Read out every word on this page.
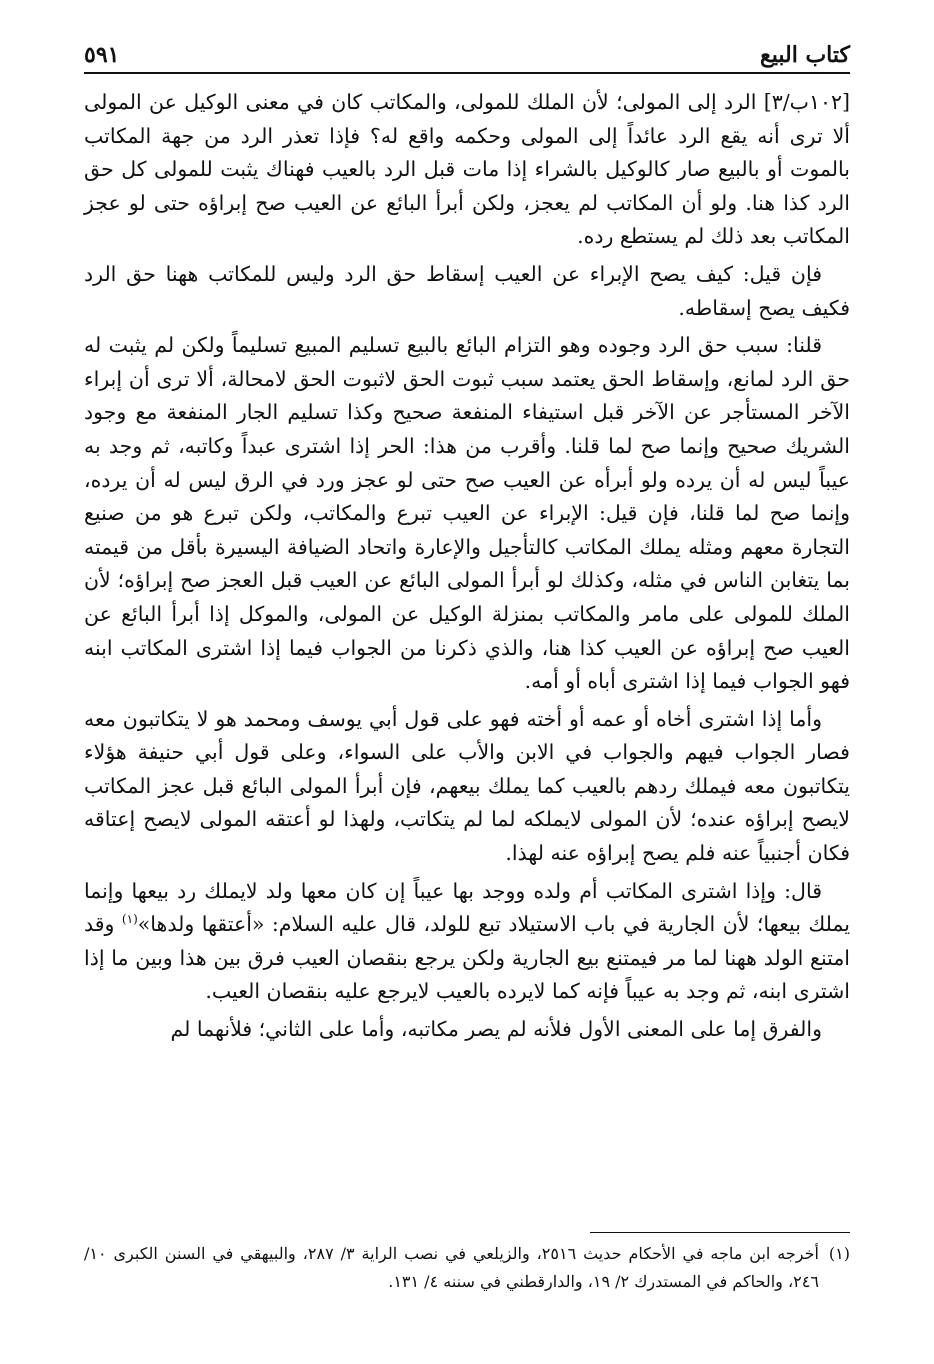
كتاب البيع
٥٩١

[١٠٢ب/٣] الرد إلى المولى؛ لأن الملك للمولى، والمكاتب كان في معنى الوكيل عن المولى ألا ترى أنه يقع الرد عائداً إلى المولى وحكمه واقع له؟ فإذا تعذر الرد من جهة المكاتب بالموت أو بالبيع صار كالوكيل بالشراء إذا مات قبل الرد بالعيب فهناك يثبت للمولى كل حق الرد كذا هنا. ولو أن المكاتب لم يعجز، ولكن أبرأ البائع عن العيب صح إبراؤه حتى لو عجز المكاتب بعد ذلك لم يستطع رده.

فإن قيل: كيف يصح الإبراء عن العيب إسقاط حق الرد وليس للمكاتب ههنا حق الرد فكيف يصح إسقاطه.

قلنا: سبب حق الرد وجوده وهو التزام البائع بالبيع تسليم المبيع تسليماً ولكن لم يثبت له حق الرد لمانع، وإسقاط الحق يعتمد سبب ثبوت الحق لاثبوت الحق لامحالة، ألا ترى أن إبراء الآخر المستأجر عن الآخر قبل استيفاء المنفعة صحيح وكذا تسليم الجار المنفعة مع وجود الشريك صحيح وإنما صح لما قلنا. وأقرب من هذا: الحر إذا اشترى عبداً وكاتبه، ثم وجد به عيباً ليس له أن يرده ولو أبرأه عن العيب صح حتى لو عجز ورد في الرق ليس له أن يرده، وإنما صح لما قلنا، فإن قيل: الإبراء عن العيب تبرع والمكاتب، ولكن تبرع هو من صنيع التجارة معهم ومثله يملك المكاتب كالتأجيل والإعارة واتحاد الضيافة اليسيرة بأقل من قيمته بما يتغابن الناس في مثله، وكذلك لو أبرأ المولى البائع عن العيب قبل العجز صح إبراؤه؛ لأن الملك للمولى على مامر والمكاتب بمنزلة الوكيل عن المولى، والموكل إذا أبرأ البائع عن العيب صح إبراؤه عن العيب كذا هنا، والذي ذكرنا من الجواب فيما إذا اشترى المكاتب ابنه فهو الجواب فيما إذا اشترى أباه أو أمه.

وأما إذا اشترى أخاه أو عمه أو أخته فهو على قول أبي يوسف ومحمد هو لا يتكاتبون معه فصار الجواب فيهم والجواب في الابن والأب على السواء، وعلى قول أبي حنيفة هؤلاء يتكاتبون معه فيملك ردهم بالعيب كما يملك بيعهم، فإن أبرأ المولى البائع قبل عجز المكاتب لايصح إبراؤه عنده؛ لأن المولى لايملكه لما لم يتكاتب، ولهذا لو أعتقه المولى لايصح إعتاقه فكان أجنبياً عنه فلم يصح إبراؤه عنه لهذا.

قال: وإذا اشترى المكاتب أم ولده ووجد بها عيباً إن كان معها ولد لايملك رد بيعها وإنما يملك بيعها؛ لأن الجارية في باب الاستيلاد تبع للولد، قال عليه السلام: «أعتقها ولدها»$^{(١)}$ وقد امتنع الولد ههنا لما مر فيمتنع بيع الجارية ولكن يرجع بنقصان العيب فرق بين هذا وبين ما إذا اشترى ابنه، ثم وجد به عيباً فإنه كما لايرده بالعيب لايرجع عليه بنقصان العيب.

والفرق إما على المعنى الأول فلأنه لم يصر مكاتبه، وأما على الثاني؛ فلأنهما لم

(١)
أخرجه ابن ماجه في الأحكام حديث ٢٥١٦، والزيلعي في نصب الراية ٣/ ٢٨٧، والبيهقي في السنن الكبرى ١٠/ ٢٤٦، والحاكم في المستدرك ٢/ ١٩، والدارقطني في سننه ٤/ ١٣١.
